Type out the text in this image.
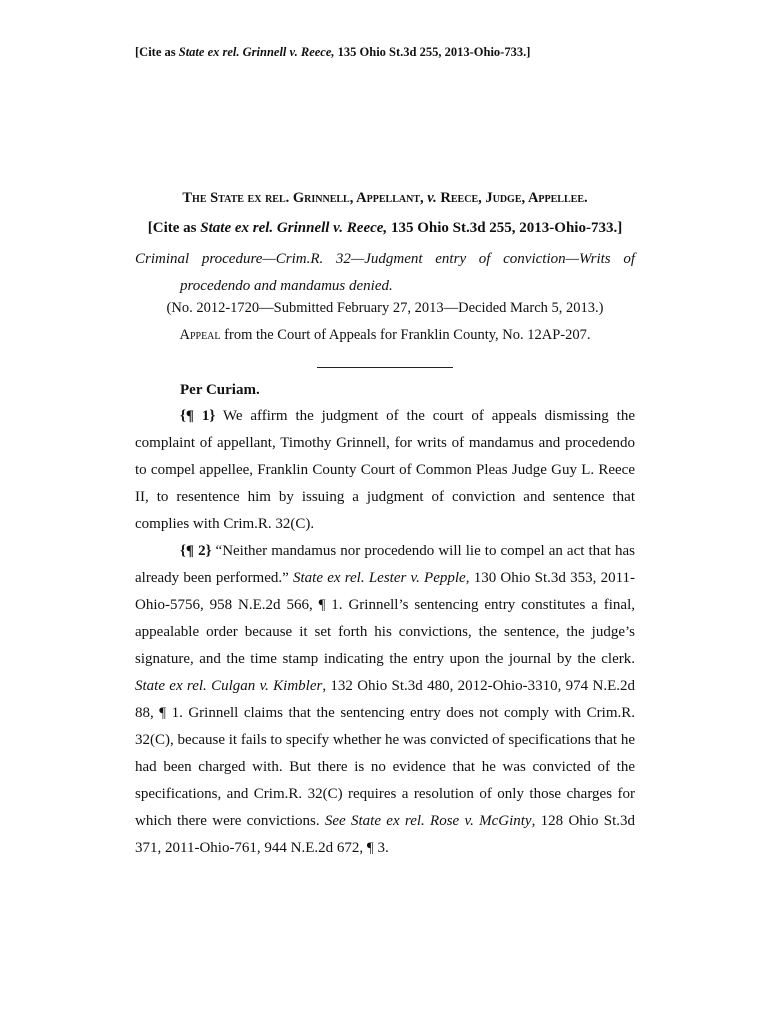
[Cite as State ex rel. Grinnell v. Reece, 135 Ohio St.3d 255, 2013-Ohio-733.]
The State ex rel. Grinnell, Appellant, v. Reece, Judge, Appellee.
[Cite as State ex rel. Grinnell v. Reece, 135 Ohio St.3d 255, 2013-Ohio-733.]
Criminal procedure—Crim.R. 32—Judgment entry of conviction—Writs of
procedendo and mandamus denied.
(No. 2012-1720—Submitted February 27, 2013—Decided March 5, 2013.)
Appeal from the Court of Appeals for Franklin County, No. 12AP-207.
Per Curiam.

{¶ 1} We affirm the judgment of the court of appeals dismissing the complaint of appellant, Timothy Grinnell, for writs of mandamus and procedendo to compel appellee, Franklin County Court of Common Pleas Judge Guy L. Reece II, to resentence him by issuing a judgment of conviction and sentence that complies with Crim.R. 32(C).

{¶ 2} “Neither mandamus nor procedendo will lie to compel an act that has already been performed.” State ex rel. Lester v. Pepple, 130 Ohio St.3d 353, 2011-Ohio-5756, 958 N.E.2d 566, ¶ 1. Grinnell’s sentencing entry constitutes a final, appealable order because it set forth his convictions, the sentence, the judge’s signature, and the time stamp indicating the entry upon the journal by the clerk. State ex rel. Culgan v. Kimbler, 132 Ohio St.3d 480, 2012-Ohio-3310, 974 N.E.2d 88, ¶ 1. Grinnell claims that the sentencing entry does not comply with Crim.R. 32(C), because it fails to specify whether he was convicted of specifications that he had been charged with. But there is no evidence that he was convicted of the specifications, and Crim.R. 32(C) requires a resolution of only those charges for which there were convictions. See State ex rel. Rose v. McGinty, 128 Ohio St.3d 371, 2011-Ohio-761, 944 N.E.2d 672, ¶ 3.
